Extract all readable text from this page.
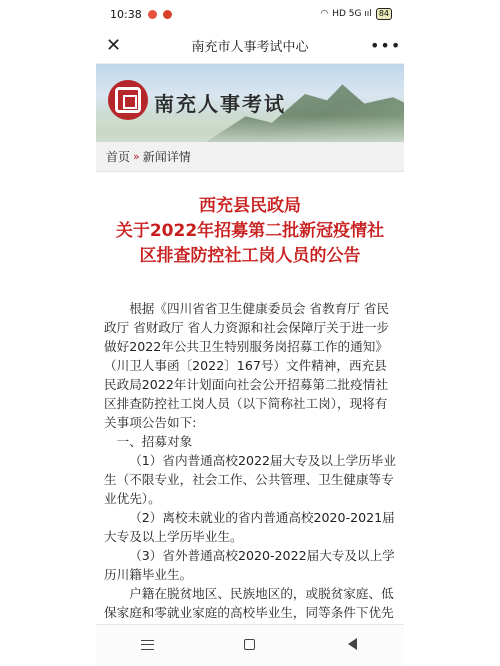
10:38	◠ HD 5G ııl 84
✕	南充市人事考试中心	•••
南充人事考试
首页 » 新闻详情
西充县民政局
关于2022年招募第二批新冠疫情社
区排查防控社工岗人员的公告

根据《四川省省卫生健康委员会 省教育厅 省民政厅 省财政厅 省人力资源和社会保障厅关于进一步做好2022年公共卫生特别服务岗招募工作的通知》（川卫人事函〔2022〕167号）文件精神，西充县民政局2022年计划面向社会公开招募第二批疫情社区排查防控社工岗人员（以下简称社工岗），现将有关事项公告如下:

一、招募对象

（1）省内普通高校2022届大专及以上学历毕业生（不限专业，社会工作、公共管理、卫生健康等专业优先）。

（2）离校未就业的省内普通高校2020-2021届大专及以上学历毕业生。

（3）省外普通高校2020-2022届大专及以上学历川籍毕业生。

户籍在脱贫地区、民族地区的，或脱贫家庭、低保家庭和零就业家庭的高校毕业生，同等条件下优先
